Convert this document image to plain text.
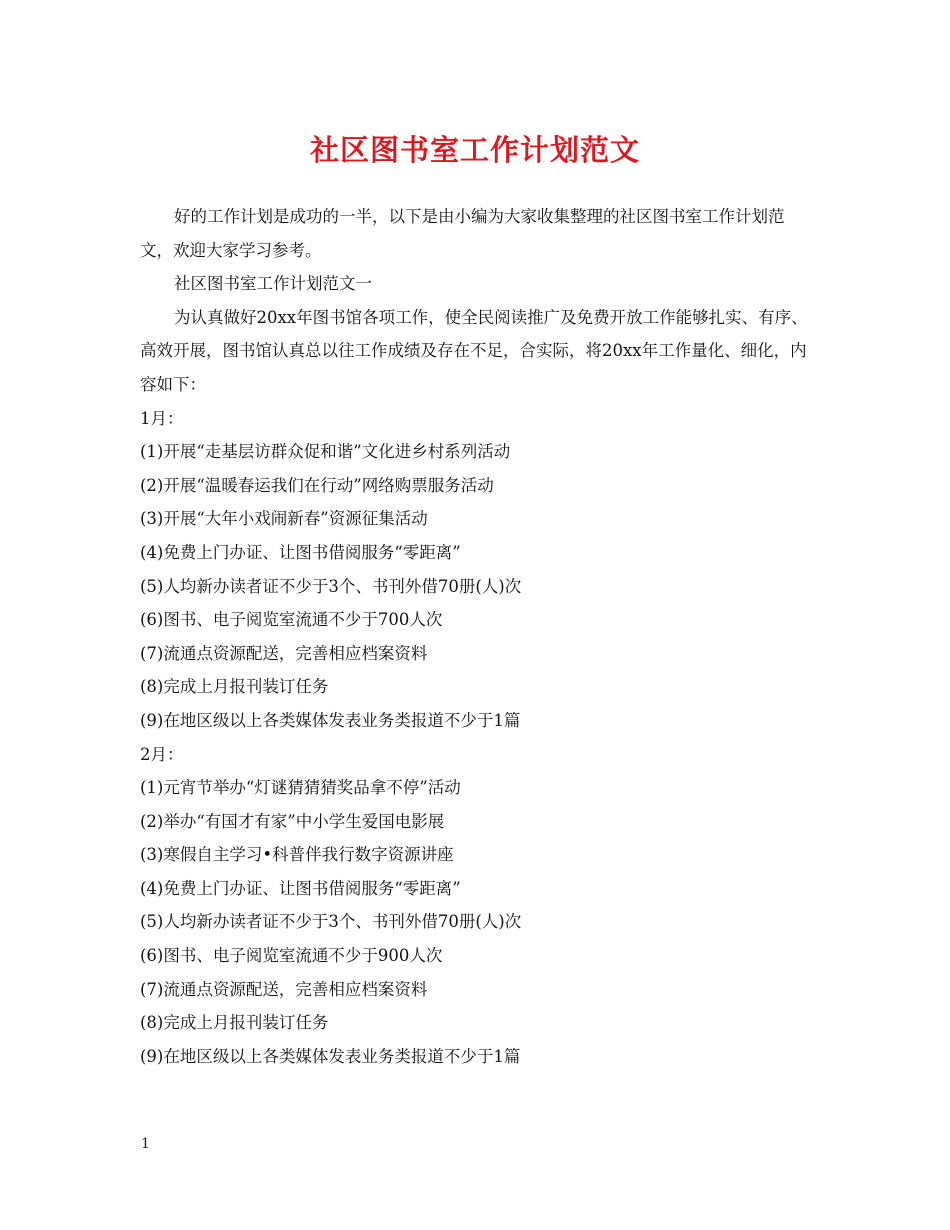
社区图书室工作计划范文

好的工作计划是成功的一半，以下是由小编为大家收集整理的社区图书室工作计划范文，欢迎大家学习参考。

社区图书室工作计划范文一

为认真做好20xx年图书馆各项工作，使全民阅读推广及免费开放工作能够扎实、有序、高效开展，图书馆认真总以往工作成绩及存在不足，合实际，将20xx年工作量化、细化，内容如下：

1月：

(1)开展“走基层访群众促和谐”文化进乡村系列活动

(2)开展“温暖春运我们在行动”网络购票服务活动

(3)开展“大年小戏闹新春”资源征集活动

(4)免费上门办证、让图书借阅服务“零距离”

(5)人均新办读者证不少于3个、书刊外借70册(人)次

(6)图书、电子阅览室流通不少于700人次

(7)流通点资源配送，完善相应档案资料

(8)完成上月报刊装订任务

(9)在地区级以上各类媒体发表业务类报道不少于1篇

2月：

(1)元宵节举办“灯谜猜猜猜奖品拿不停”活动

(2)举办“有国才有家”中小学生爱国电影展

(3)寒假自主学习•科普伴我行数字资源讲座

(4)免费上门办证、让图书借阅服务“零距离”

(5)人均新办读者证不少于3个、书刊外借70册(人)次

(6)图书、电子阅览室流通不少于900人次

(7)流通点资源配送，完善相应档案资料

(8)完成上月报刊装订任务

(9)在地区级以上各类媒体发表业务类报道不少于1篇

1
